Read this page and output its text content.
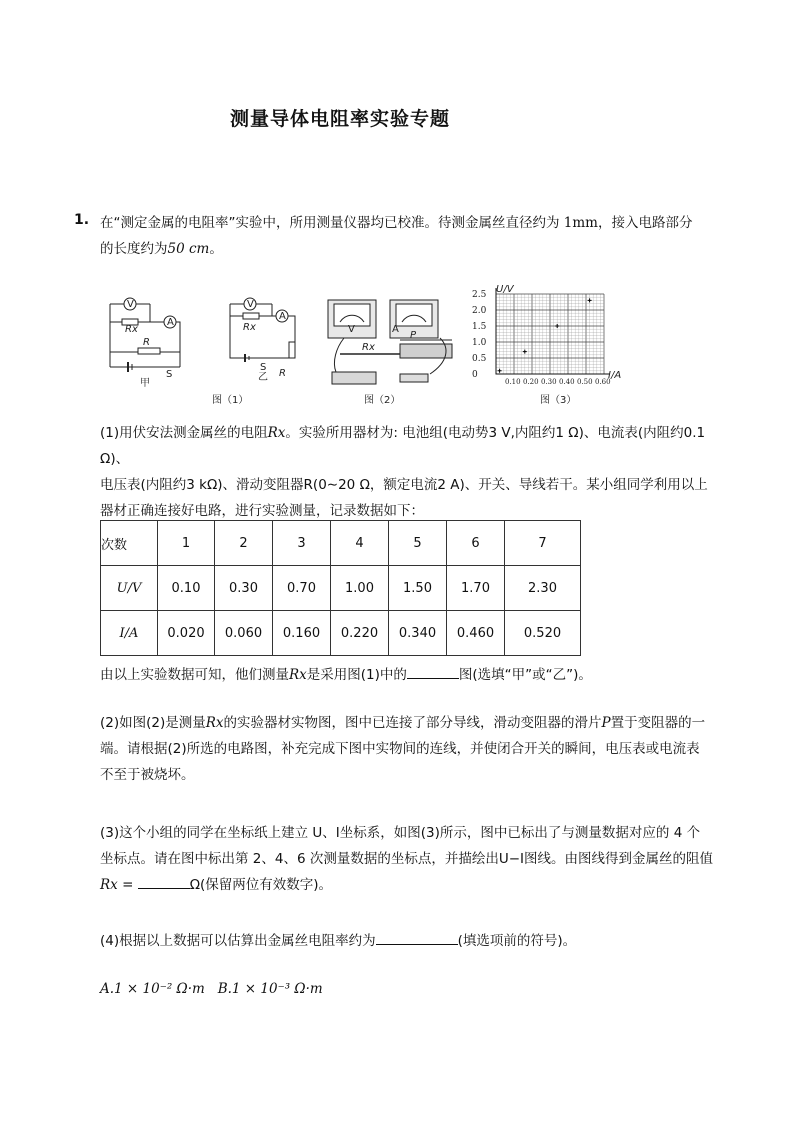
测量导体电阻率实验专题
1. 在“测定金属的电阻率”实验中，所用测量仪器均已校准。待测金属丝直径约为 1mm，接入电路部分
的长度约为50 cm。
Rx
V
A
R
S
甲
Rx
V
A
R
S
乙
图（1）
Rx
P
A
V
图（2）
U/V
I/A
2.5
2.0
1.5
1.0
0.5
0
0.10 0.20 0.30 0.40 0.50 0.60
图（3）
(1)用伏安法测金属丝的电阻Rx。实验所用器材为: 电池组(电动势3 V,内阻约1 Ω)、电流表(内阻约0.1 Ω)、
电压表(内阻约3 kΩ)、滑动变阻器R(0∼20 Ω，额定电流2 A)、开关、导线若干。某小组同学利用以上
器材正确连接好电路，进行实验测量，记录数据如下：
次数	1	2	3	4	5	6	7
U/V	0.10	0.30	0.70	1.00	1.50	1.70	2.30
I/A	0.020	0.060	0.160	0.220	0.340	0.460	0.520
由以上实验数据可知，他们测量Rx是采用图(1)中的	图(选填“甲”或“乙”)。
(2)如图(2)是测量Rx的实验器材实物图，图中已连接了部分导线，滑动变阻器的滑片P置于变阻器的一
端。请根据(2)所选的电路图，补充完成下图中实物间的连线，并使闭合开关的瞬间，电压表或电流表
不至于被烧坏。
(3)这个小组的同学在坐标纸上建立 U、I坐标系，如图(3)所示，图中已标出了与测量数据对应的 4 个
坐标点。请在图中标出第 2、4、6 次测量数据的坐标点，并描绘出U−I图线。由图线得到金属丝的阻值
Rx =	Ω(保留两位有效数字)。
(4)根据以上数据可以估算出金属丝电阻率约为	(填选项前的符号)。
A.1 × 10⁻² Ω·m B.1 × 10⁻³ Ω·m
